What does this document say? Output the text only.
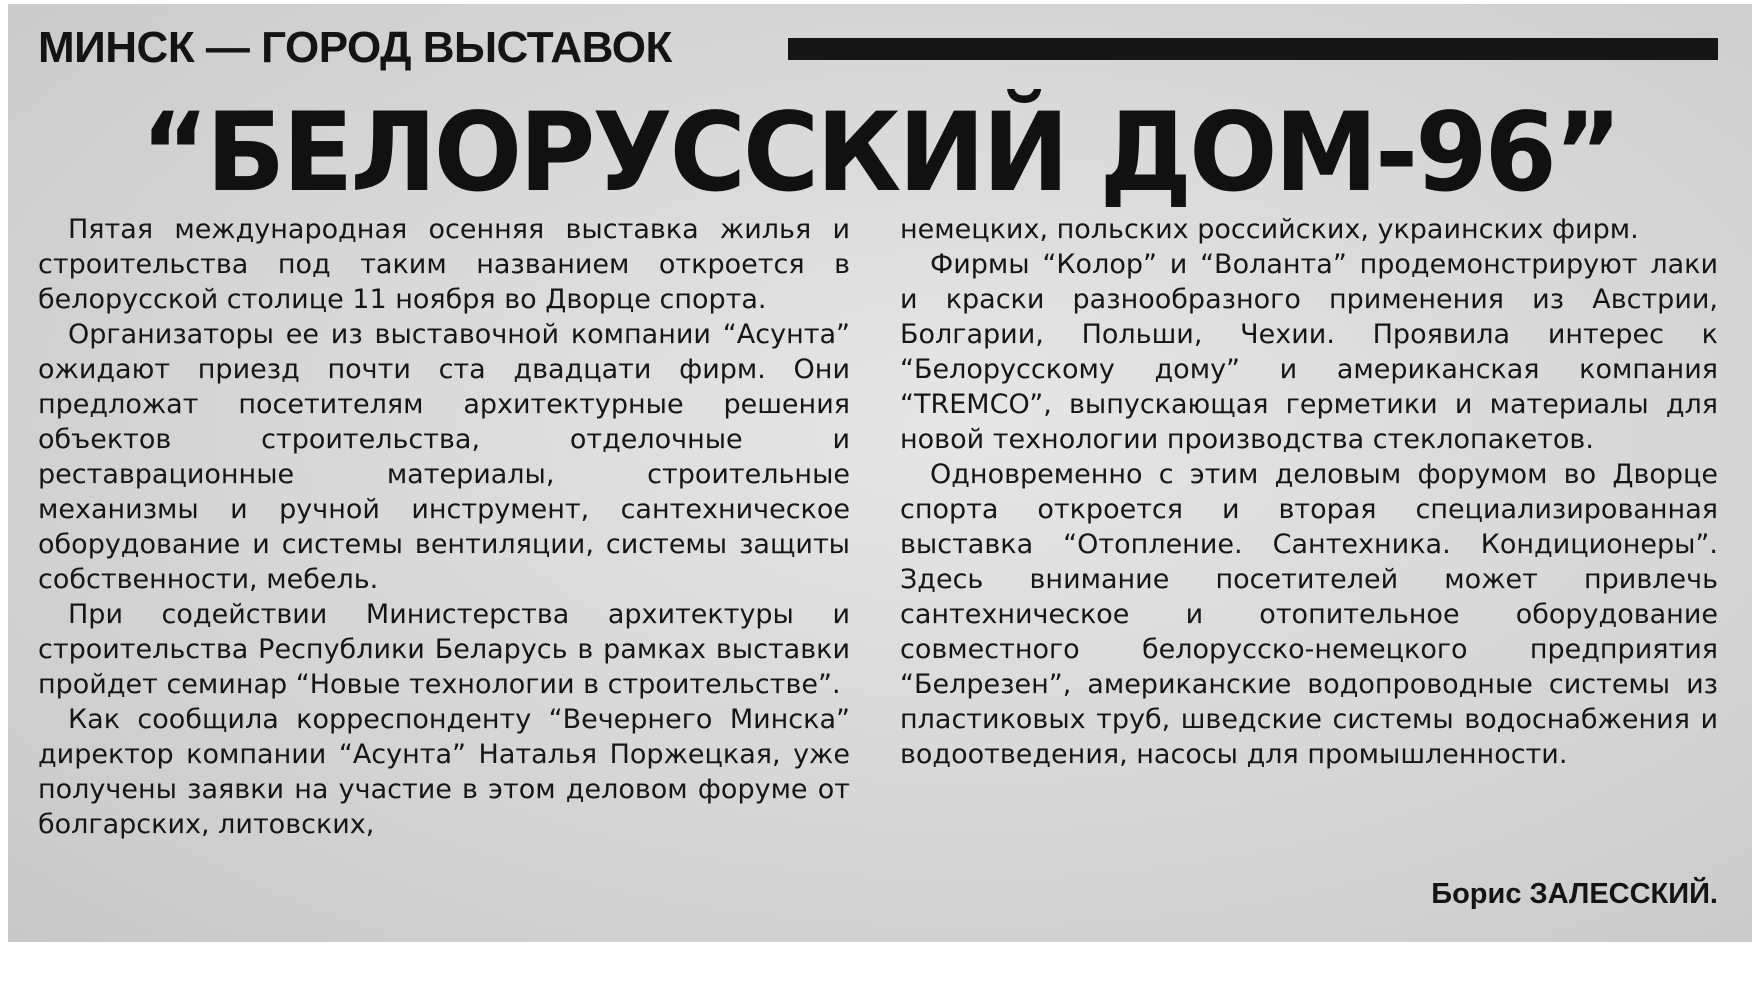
МИНСК — ГОРОД ВЫСТАВОК
“БЕЛОРУССКИЙ ДОМ-96”

Пятая международная осенняя выставка жилья и строительства под таким названием откроется в белорусской столице 11 ноября во Дворце спорта.

Организаторы ее из выставочной компании “Асунта” ожидают приезд почти ста двадцати фирм. Они предложат посетителям архитектурные решения объектов строительства, отделочные и реставрационные материалы, строительные механизмы и ручной инструмент, сантехническое оборудование и системы вентиляции, системы защиты собственности, мебель.

При содействии Министерства архитектуры и строительства Республики Беларусь в рамках выставки пройдет семинар “Новые технологии в строительстве”.

Как сообщила корреспонденту “Вечернего Минска” директор компании “Асунта” Наталья Поржецкая, уже получены заявки на участие в этом деловом форуме от болгарских, литовских,

немецких, польских российских, украинских фирм.

Фирмы “Колор” и “Воланта” продемонстрируют лаки и краски разнообразного применения из Австрии, Болгарии, Польши, Чехии. Проявила интерес к “Белорусскому дому” и американская компания “TREMCO”, выпускающая герметики и материалы для новой технологии производства стеклопакетов.

Одновременно с этим деловым форумом во Дворце спорта откроется и вторая специализированная выставка “Отопление. Сантехника. Кондиционеры”. Здесь внимание посетителей может привлечь сантехническое и отопительное оборудование совместного белорусско-немецкого предприятия “Белрезен”, американские водопроводные системы из пластиковых труб, шведские системы водоснабжения и водоотведения, насосы для промышленности.

Борис ЗАЛЕССКИЙ.
